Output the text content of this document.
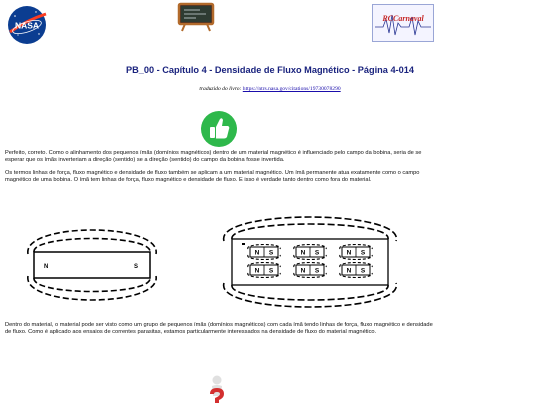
NASA
RCCarnaval
PB_00 - Capítulo 4 - Densidade de Fluxo Magnético - Página 4-014
traduzido do livro: https://ntrs.nasa.gov/citations/19730078290
Perfeito, correto. Como o alinhamento dos pequenos ímãs (domínios magnéticos) dentro de um material magnético é influenciado pelo campo da bobina, seria de se esperar que os ímãs inverteriam a direção (sentido) se a direção (sentido) do campo da bobina fosse invertida.
Os termos linhas de força, fluxo magnético e densidade de fluxo também se aplicam a um material magnético. Um ímã permanente atua exatamente como o campo magnético de uma bobina. O ímã tem linhas de força, fluxo magnético e densidade de fluxo. E isso é verdade tanto dentro como fora do material.
N	S
N S	N S	N S
N S	N S	N S
Dentro do material, o material pode ser visto como um grupo de pequenos ímãs (domínios magnéticos) com cada ímã tendo linhas de força, fluxo magnético e densidade de fluxo. Como é aplicado aos ensaios de correntes parasitas, estamos particularmente interessados na densidade de fluxo do material magnético.
